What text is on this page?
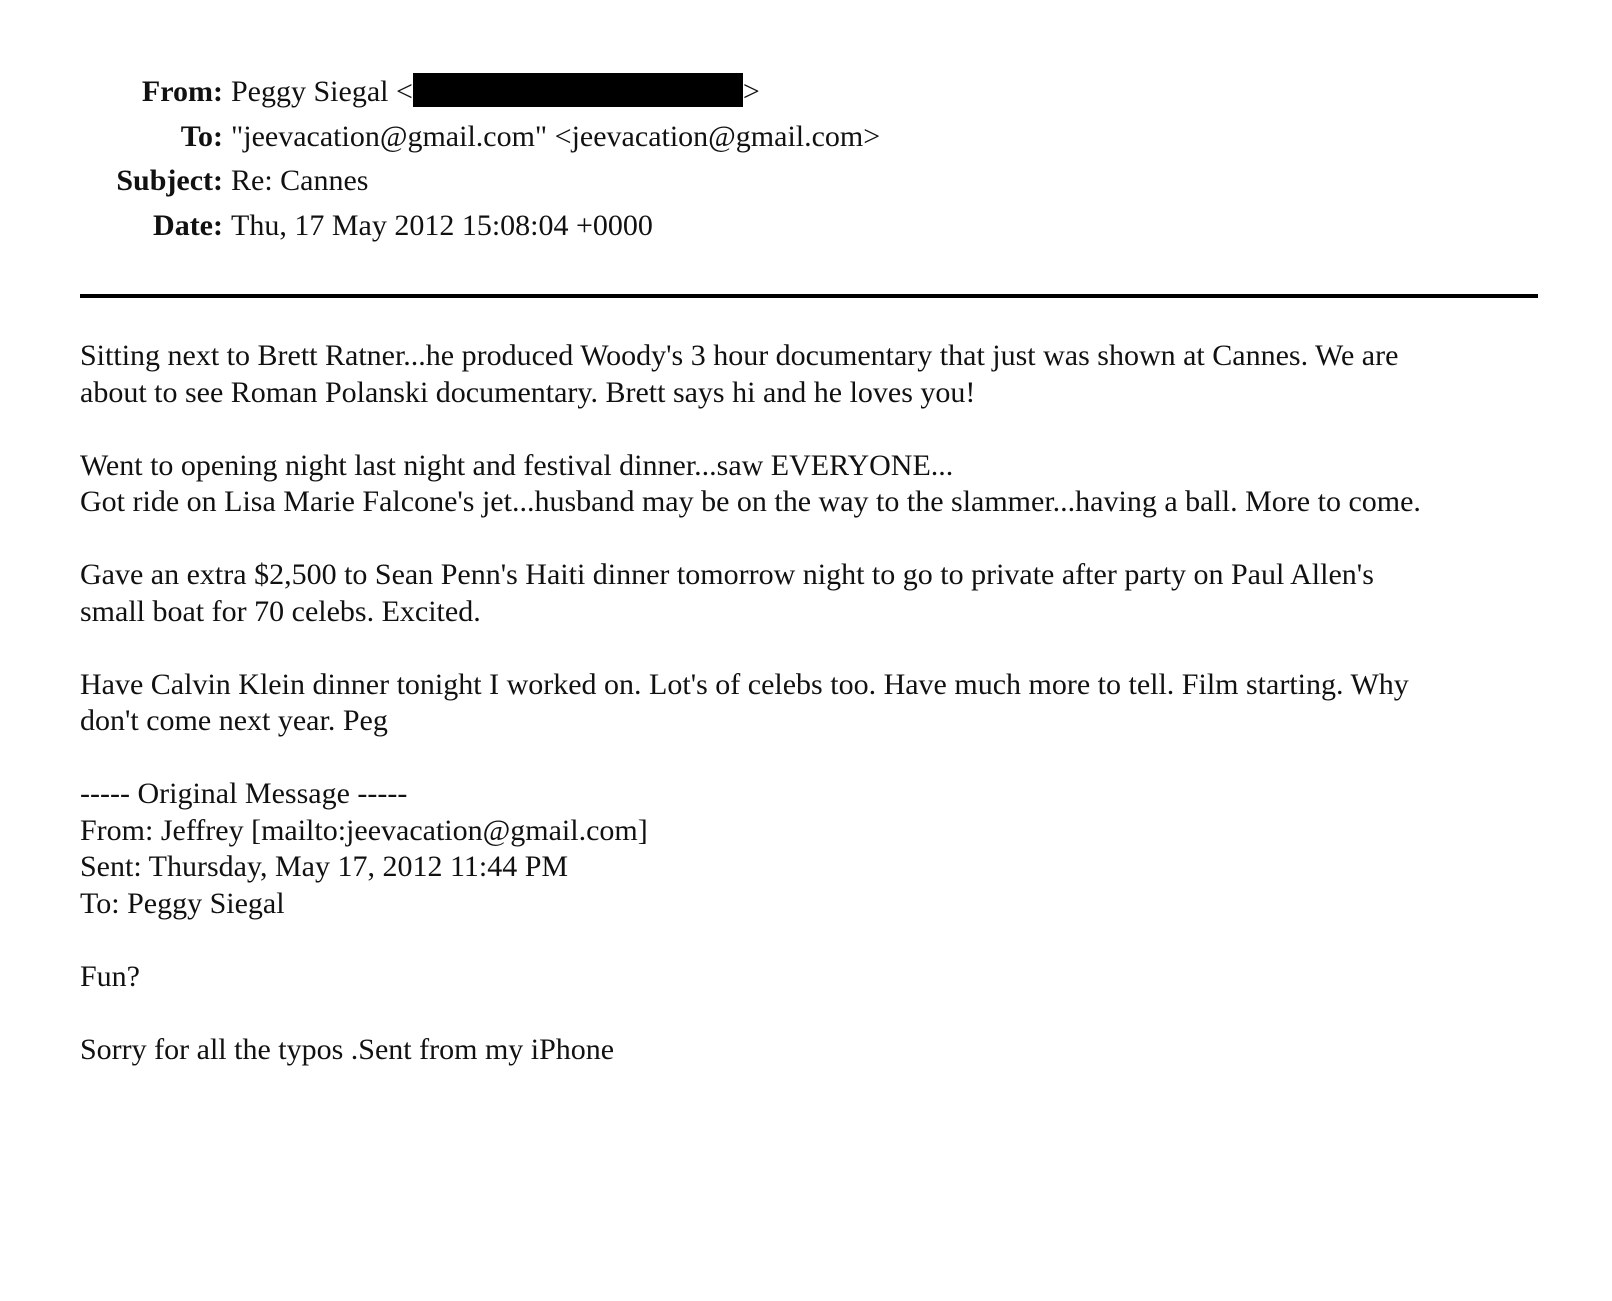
From: Peggy Siegal <	>
To: "jeevacation@gmail.com" <jeevacation@gmail.com>
Subject: Re: Cannes
Date: Thu, 17 May 2012 15:08:04 +0000
Sitting next to Brett Ratner...he produced Woody's 3 hour documentary that just was shown at Cannes. We are
about to see Roman Polanski documentary. Brett says hi and he loves you!
Went to opening night last night and festival dinner...saw EVERYONE...
Got ride on Lisa Marie Falcone's jet...husband may be on the way to the slammer...having a ball. More to come.
Gave an extra $2,500 to Sean Penn's Haiti dinner tomorrow night to go to private after party on Paul Allen's
small boat for 70 celebs. Excited.
Have Calvin Klein dinner tonight I worked on. Lot's of celebs too. Have much more to tell. Film starting. Why
don't come next year. Peg
----- Original Message -----
From: Jeffrey [mailto:jeevacation@gmail.com]
Sent: Thursday, May 17, 2012 11:44 PM
To: Peggy Siegal
Fun?
Sorry for all the typos .Sent from my iPhone
